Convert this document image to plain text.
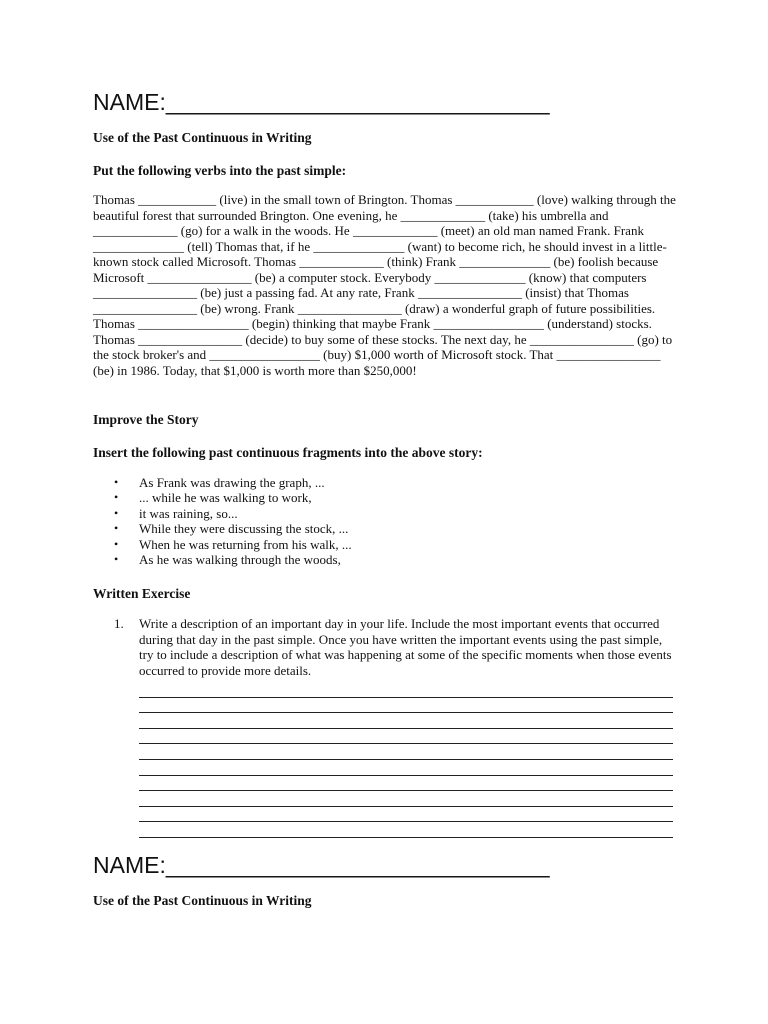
NAME:______________________________
Use of the Past Continuous in Writing
Put the following verbs into the past simple:

Thomas ____________ (live) in the small town of Brington. Thomas ____________ (love) walking through the beautiful forest that surrounded Brington. One evening, he _____________ (take) his umbrella and _____________ (go) for a walk in the woods. He _____________ (meet) an old man named Frank. Frank ______________ (tell) Thomas that, if he ______________ (want) to become rich, he should invest in a little-known stock called Microsoft. Thomas _____________ (think) Frank ______________ (be) foolish because Microsoft ________________ (be) a computer stock. Everybody ______________ (know) that computers ________________ (be) just a passing fad. At any rate, Frank ________________ (insist) that Thomas ________________ (be) wrong. Frank ________________ (draw) a wonderful graph of future possibilities. Thomas _________________ (begin) thinking that maybe Frank _________________ (understand) stocks. Thomas ________________ (decide) to buy some of these stocks. The next day, he ________________ (go) to the stock broker's and _________________ (buy) $1,000 worth of Microsoft stock. That ________________ (be) in 1986. Today, that $1,000 is worth more than $250,000!

Improve the Story
Insert the following past continuous fragments into the above story:
• As Frank was drawing the graph, ...
• ... while he was walking to work,
• it was raining, so...
• While they were discussing the stock, ...
• When he was returning from his walk, ...
• As he was walking through the woods,
Written Exercise
1. Write a description of an important day in your life. Include the most important events that occurred during that day in the past simple. Once you have written the important events using the past simple, try to include a description of what was happening at some of the specific moments when those events occurred to provide more details.

NAME:______________________________
Use of the Past Continuous in Writing
